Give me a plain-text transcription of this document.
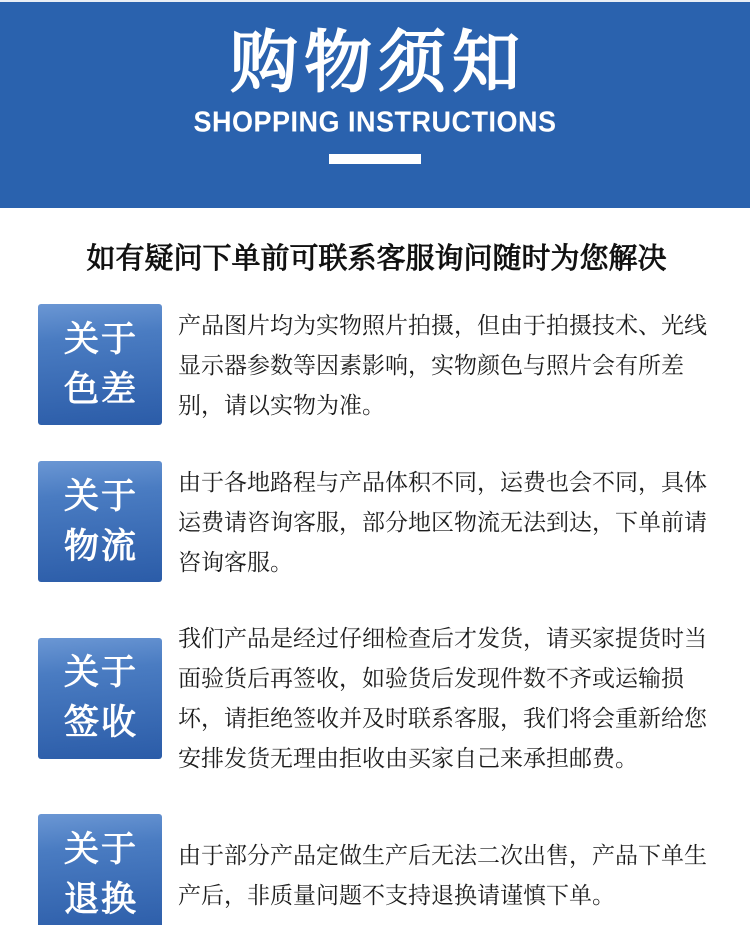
购物须知
SHOPPING INSTRUCTIONS
如有疑问下单前可联系客服询问随时为您解决
关于
色差

产品图片均为实物照片拍摄，但由于拍摄技术、光线显示器参数等因素影响，实物颜色与照片会有所差别，请以实物为准。

关于
物流

由于各地路程与产品体积不同，运费也会不同，具体运费请咨询客服，部分地区物流无法到达，下单前请咨询客服。

关于
签收

我们产品是经过仔细检查后才发货，请买家提货时当面验货后再签收，如验货后发现件数不齐或运输损坏，请拒绝签收并及时联系客服，我们将会重新给您安排发货无理由拒收由买家自己来承担邮费。

关于
退换

由于部分产品定做生产后无法二次出售，产品下单生产后，非质量问题不支持退换请谨慎下单。
